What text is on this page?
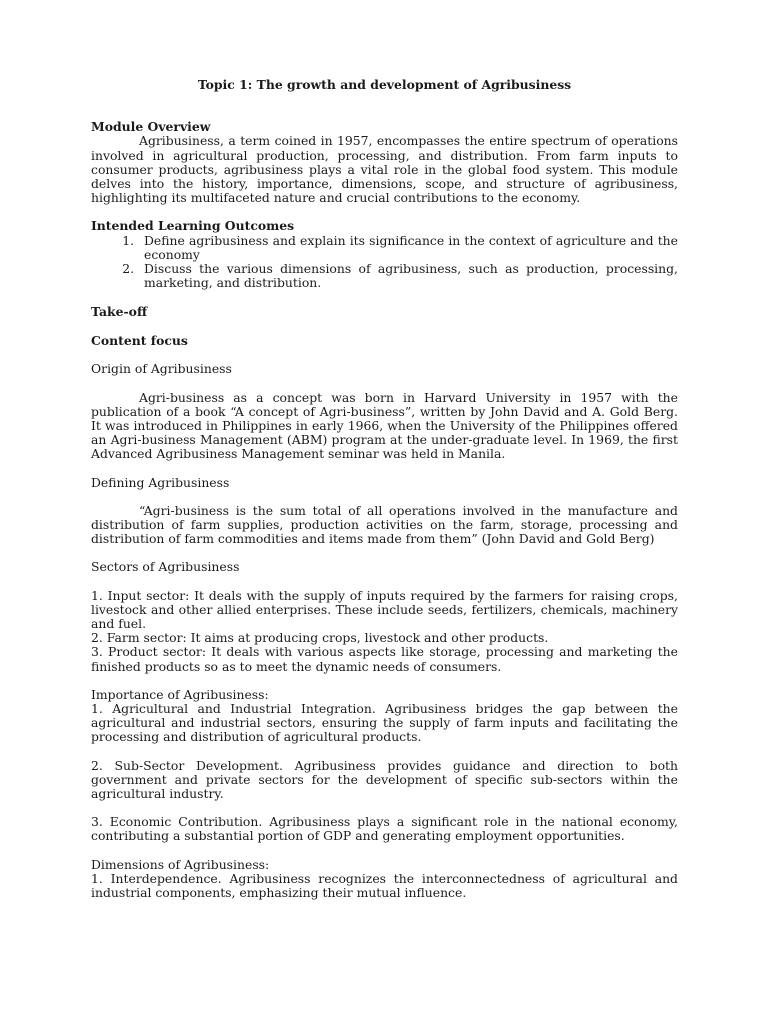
Topic 1: The growth and development of Agribusiness
Module Overview

Agribusiness, a term coined in 1957, encompasses the entire spectrum of operations involved in agricultural production, processing, and distribution. From farm inputs to consumer products, agribusiness plays a vital role in the global food system. This module delves into the history, importance, dimensions, scope, and structure of agribusiness, highlighting its multifaceted nature and crucial contributions to the economy.

Intended Learning Outcomes
1. Define agribusiness and explain its significance in the context of agriculture and the economy
2. Discuss the various dimensions of agribusiness, such as production, processing, marketing, and distribution.
Take-off
Content focus
Origin of Agribusiness

Agri-business as a concept was born in Harvard University in 1957 with the publication of a book “A concept of Agri-business”, written by John David and A. Gold Berg. It was introduced in Philippines in early 1966, when the University of the Philippines offered an Agri-business Management (ABM) program at the under-graduate level. In 1969, the first Advanced Agribusiness Management seminar was held in Manila.

Defining Agribusiness

“Agri-business is the sum total of all operations involved in the manufacture and distribution of farm supplies, production activities on the farm, storage, processing and distribution of farm commodities and items made from them” (John David and Gold Berg)

Sectors of Agribusiness

1. Input sector: It deals with the supply of inputs required by the farmers for raising crops, livestock and other allied enterprises. These include seeds, fertilizers, chemicals, machinery and fuel.

2. Farm sector: It aims at producing crops, livestock and other products.

3. Product sector: It deals with various aspects like storage, processing and marketing the finished products so as to meet the dynamic needs of consumers.

Importance of Agribusiness:

1. Agricultural and Industrial Integration. Agribusiness bridges the gap between the agricultural and industrial sectors, ensuring the supply of farm inputs and facilitating the processing and distribution of agricultural products.

2. Sub-Sector Development. Agribusiness provides guidance and direction to both government and private sectors for the development of specific sub-sectors within the agricultural industry.

3. Economic Contribution. Agribusiness plays a significant role in the national economy, contributing a substantial portion of GDP and generating employment opportunities.

Dimensions of Agribusiness:

1. Interdependence. Agribusiness recognizes the interconnectedness of agricultural and industrial components, emphasizing their mutual influence.
